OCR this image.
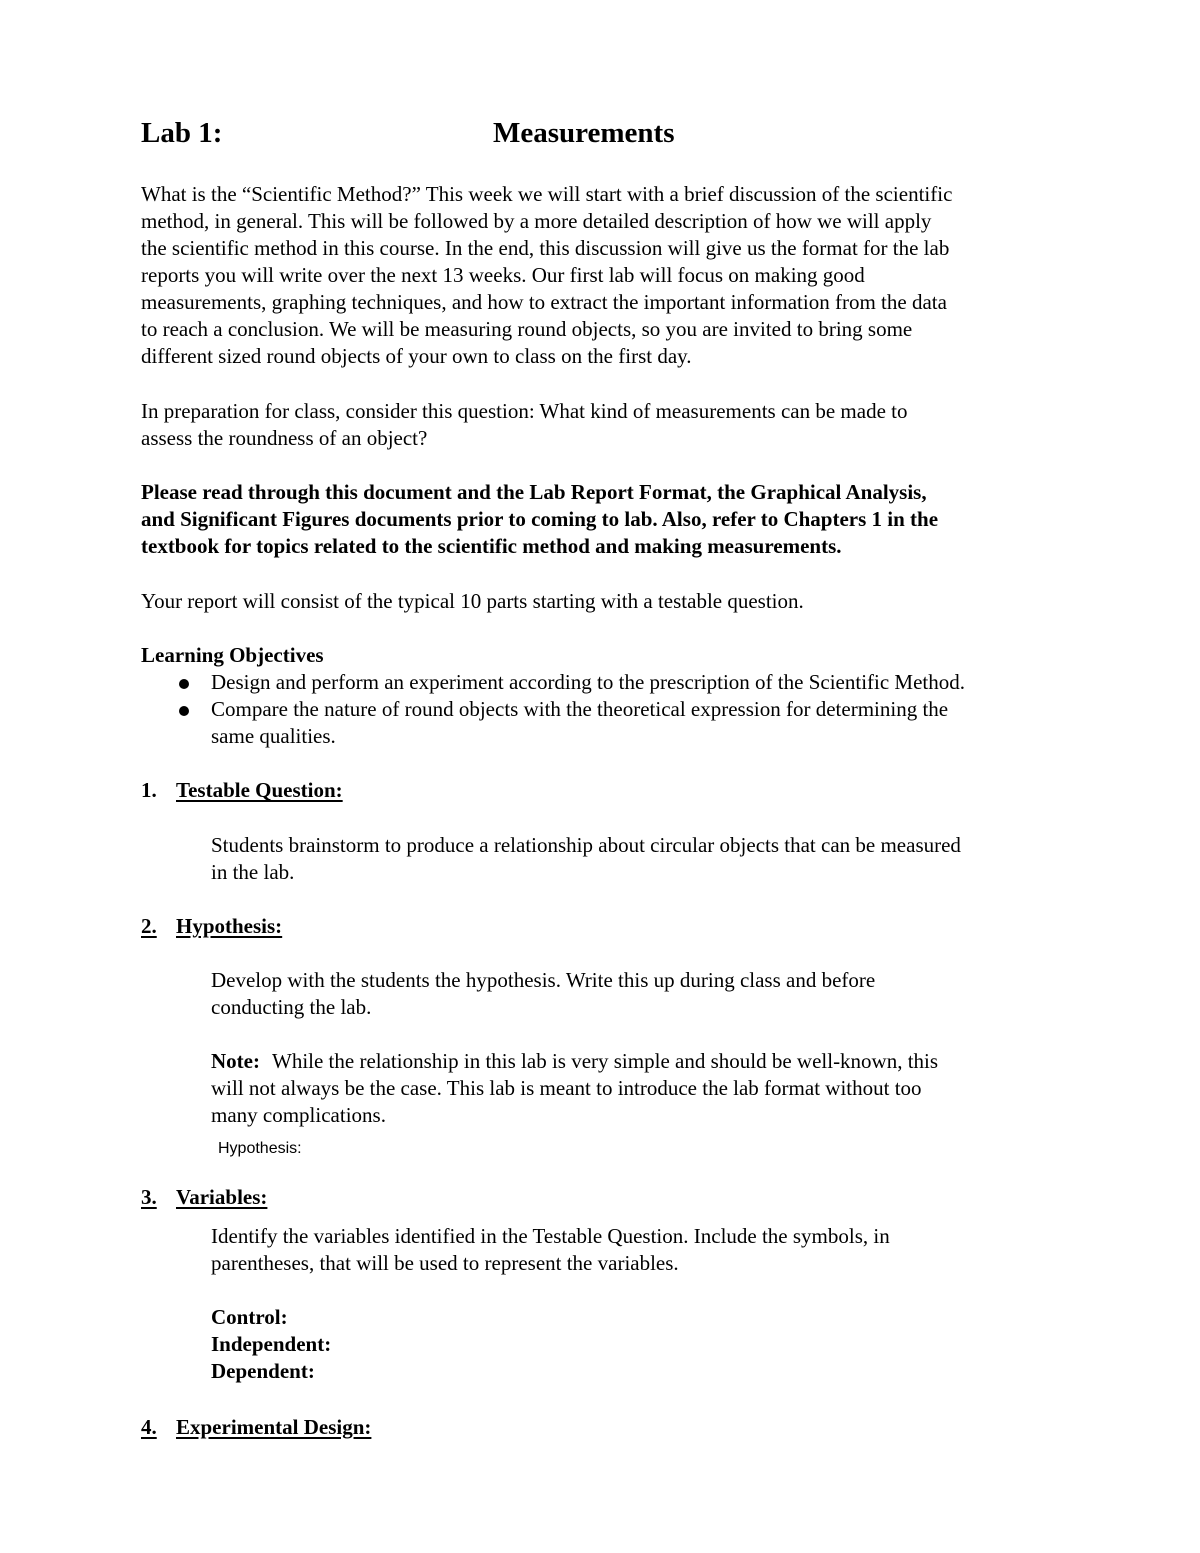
Lab 1:	Measurements
What is the “Scientific Method?” This week we will start with a brief discussion of the scientific
method, in general. This will be followed by a more detailed description of how we will apply
the scientific method in this course. In the end, this discussion will give us the format for the lab
reports you will write over the next 13 weeks. Our first lab will focus on making good
measurements, graphing techniques, and how to extract the important information from the data
to reach a conclusion. We will be measuring round objects, so you are invited to bring some
different sized round objects of your own to class on the first day.
In preparation for class, consider this question: What kind of measurements can be made to
assess the roundness of an object?
Please read through this document and the Lab Report Format, the Graphical Analysis,
and Significant Figures documents prior to coming to lab. Also, refer to Chapters 1 in the
textbook for topics related to the scientific method and making measurements.
Your report will consist of the typical 10 parts starting with a testable question.
Learning Objectives
Design and perform an experiment according to the prescription of the Scientific Method.
Compare the nature of round objects with the theoretical expression for determining the
same qualities.
1. Testable Question:
Students brainstorm to produce a relationship about circular objects that can be measured
in the lab.
2. Hypothesis:
Develop with the students the hypothesis. Write this up during class and before
conducting the lab.
Note: While the relationship in this lab is very simple and should be well-known, this
will not always be the case. This lab is meant to introduce the lab format without too
many complications.
Hypothesis:
3. Variables:
Identify the variables identified in the Testable Question. Include the symbols, in
parentheses, that will be used to represent the variables.
Control:
Independent:
Dependent:
4. Experimental Design:
